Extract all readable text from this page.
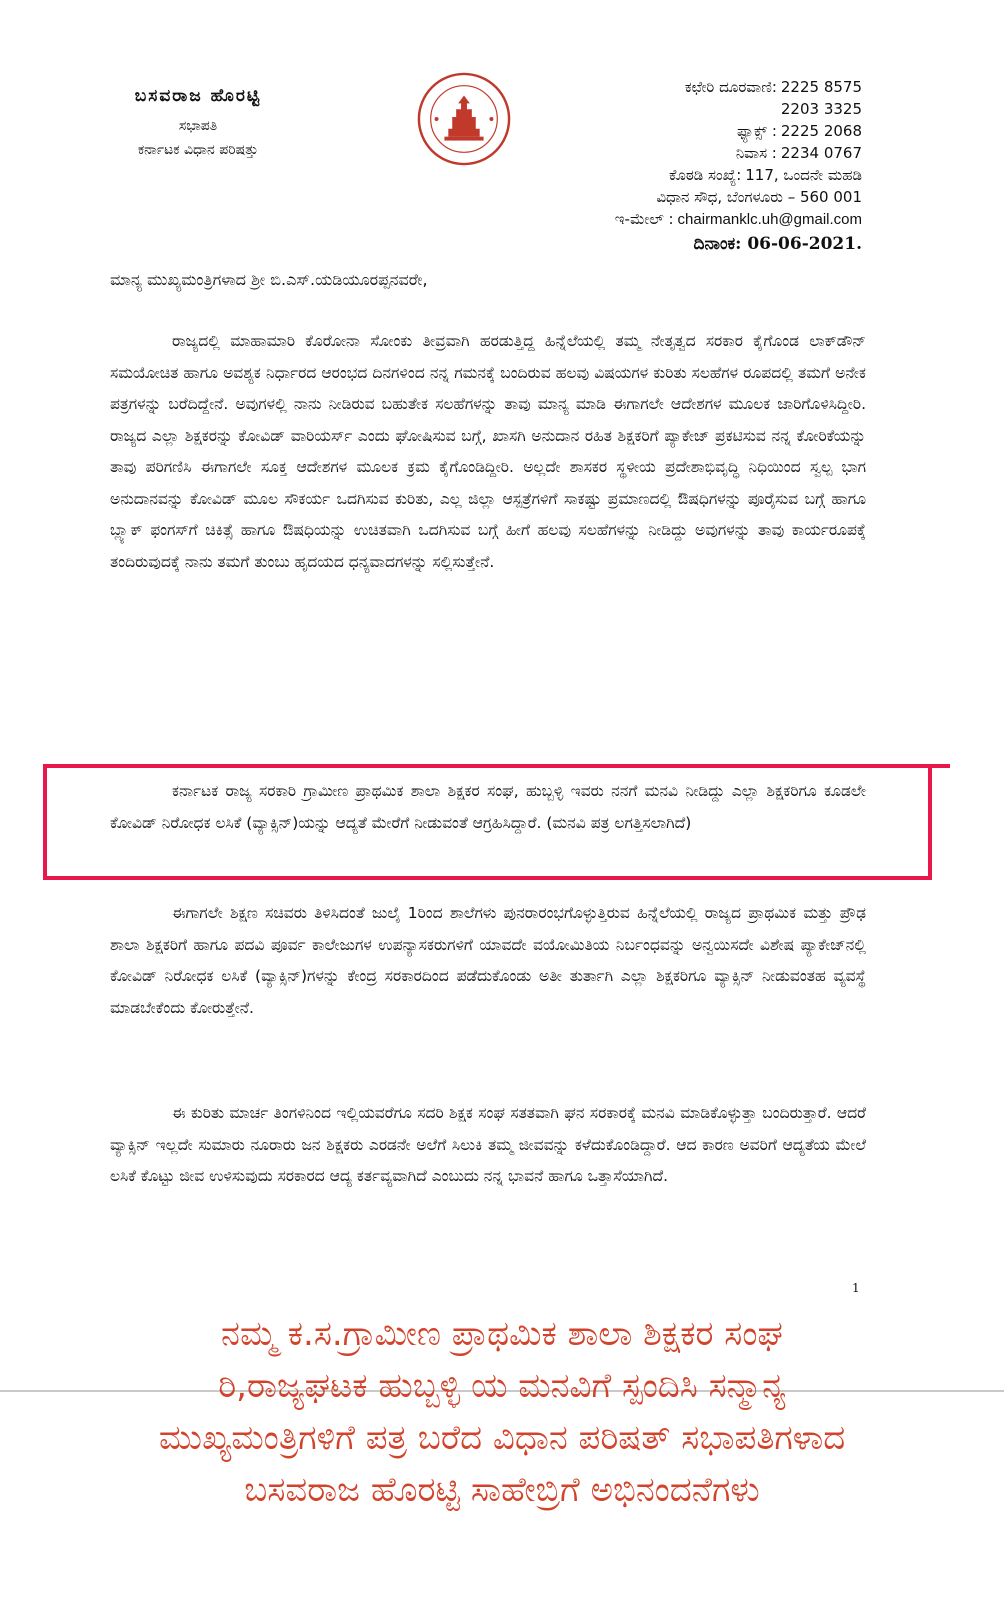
ಬಸವರಾಜ ಹೊರಟ್ಟಿ
ಸಭಾಪತಿ
ಕರ್ನಾಟಕ ವಿಧಾನ ಪರಿಷತ್ತು
ಕಛೇರಿ ದೂರವಾಣಿ: 2225 8575
2203 3325
ಫ್ಯಾಕ್ಸ್ : 2225 2068
ನಿವಾಸ : 2234 0767
ಕೊಠಡಿ ಸಂಖ್ಯೆ: 117, ಒಂದನೇ ಮಹಡಿ
ವಿಧಾನ ಸೌಧ, ಬೆಂಗಳೂರು – 560 001
ಇ-ಮೇಲ್ : chairmanklc.uh@gmail.com
ದಿನಾಂಕ: 06-06-2021.
ಮಾನ್ಯ ಮುಖ್ಯಮಂತ್ರಿಗಳಾದ ಶ್ರೀ ಬಿ.ಎಸ್.ಯಡಿಯೂರಪ್ಪನವರೇ,
ರಾಜ್ಯದಲ್ಲಿ ಮಾಹಾಮಾರಿ ಕೊರೋನಾ ಸೋಂಕು ತೀವ್ರವಾಗಿ ಹರಡುತ್ತಿದ್ದ ಹಿನ್ನೆಲೆಯಲ್ಲಿ ತಮ್ಮ ನೇತೃತ್ವದ ಸರಕಾರ ಕೈಗೊಂಡ ಲಾಕ್‌ಡೌನ್ ಸಮಯೋಚಿತ ಹಾಗೂ ಅವಶ್ಯಕ ನಿರ್ಧಾರದ ಆರಂಭದ ದಿನಗಳಿಂದ ನನ್ನ ಗಮನಕ್ಕೆ ಬಂದಿರುವ ಹಲವು ವಿಷಯಗಳ ಕುರಿತು ಸಲಹೆಗಳ ರೂಪದಲ್ಲಿ ತಮಗೆ ಅನೇಕ ಪತ್ರಗಳನ್ನು ಬರೆದಿದ್ದೇನೆ. ಅವುಗಳಲ್ಲಿ ನಾನು ನೀಡಿರುವ ಬಹುತೇಕ ಸಲಹೆಗಳನ್ನು ತಾವು ಮಾನ್ಯ ಮಾಡಿ ಈಗಾಗಲೇ ಆದೇಶಗಳ ಮೂಲಕ ಜಾರಿಗೊಳಿಸಿದ್ದೀರಿ. ರಾಜ್ಯದ ಎಲ್ಲಾ ಶಿಕ್ಷಕರನ್ನು ಕೋವಿಡ್ ವಾರಿಯರ್ಸ್ ಎಂದು ಘೋಷಿಸುವ ಬಗ್ಗೆ, ಖಾಸಗಿ ಅನುದಾನ ರಹಿತ ಶಿಕ್ಷಕರಿಗೆ ಪ್ಯಾಕೇಜ್ ಪ್ರಕಟಿಸುವ ನನ್ನ ಕೋರಿಕೆಯನ್ನು ತಾವು ಪರಿಗಣಿಸಿ ಈಗಾಗಲೇ ಸೂಕ್ತ ಆದೇಶಗಳ ಮೂಲಕ ಕ್ರಮ ಕೈಗೊಂಡಿದ್ದೀರಿ. ಅಲ್ಲದೇ ಶಾಸಕರ ಸ್ಥಳೀಯ ಪ್ರದೇಶಾಭಿವೃದ್ಧಿ ನಿಧಿಯಿಂದ ಸ್ವಲ್ಪ ಭಾಗ ಅನುದಾನವನ್ನು ಕೋವಿಡ್ ಮೂಲ ಸೌಕರ್ಯ ಒದಗಿಸುವ ಕುರಿತು, ಎಲ್ಲ ಜಿಲ್ಲಾ ಆಸ್ಪತ್ರೆಗಳಿಗೆ ಸಾಕಷ್ಟು ಪ್ರಮಾಣದಲ್ಲಿ ಔಷಧಿಗಳನ್ನು ಪೂರೈಸುವ ಬಗ್ಗೆ ಹಾಗೂ ಬ್ಲ್ಯಾಕ್ ಫಂಗಸ್‌ಗೆ ಚಿಕಿತ್ಸೆ ಹಾಗೂ ಔಷಧಿಯನ್ನು ಉಚಿತವಾಗಿ ಒದಗಿಸುವ ಬಗ್ಗೆ ಹೀಗೆ ಹಲವು ಸಲಹೆಗಳನ್ನು ನೀಡಿದ್ದು ಅವುಗಳನ್ನು ತಾವು ಕಾರ್ಯರೂಪಕ್ಕೆ ತಂದಿರುವುದಕ್ಕೆ ನಾನು ತಮಗೆ ತುಂಬು ಹೃದಯದ ಧನ್ಯವಾದಗಳನ್ನು ಸಲ್ಲಿಸುತ್ತೇನೆ.
ಕರ್ನಾಟಕ ರಾಜ್ಯ ಸರಕಾರಿ ಗ್ರಾಮೀಣ ಪ್ರಾಥಮಿಕ ಶಾಲಾ ಶಿಕ್ಷಕರ ಸಂಘ, ಹುಬ್ಬಳ್ಳಿ ಇವರು ನನಗೆ ಮನವಿ ನೀಡಿದ್ದು ಎಲ್ಲಾ ಶಿಕ್ಷಕರಿಗೂ ಕೂಡಲೇ ಕೋವಿಡ್ ನಿರೋಧಕ ಲಸಿಕೆ (ವ್ಯಾಕ್ಸಿನ್)ಯನ್ನು ಆದ್ಯತೆ ಮೇರೆಗೆ ನೀಡುವಂತೆ ಆಗ್ರಹಿಸಿದ್ದಾರೆ. (ಮನವಿ ಪತ್ರ ಲಗತ್ತಿಸಲಾಗಿದೆ)
ಈಗಾಗಲೇ ಶಿಕ್ಷಣ ಸಚಿವರು ತಿಳಿಸಿದಂತೆ ಜುಲೈ 1ರಿಂದ ಶಾಲೆಗಳು ಪುನರಾರಂಭಗೊಳ್ಳುತ್ತಿರುವ ಹಿನ್ನೆಲೆಯಲ್ಲಿ ರಾಜ್ಯದ ಪ್ರಾಥಮಿಕ ಮತ್ತು ಪ್ರೌಢ ಶಾಲಾ ಶಿಕ್ಷಕರಿಗೆ ಹಾಗೂ ಪದವಿ ಪೂರ್ವ ಕಾಲೇಜುಗಳ ಉಪನ್ಯಾಸಕರುಗಳಿಗೆ ಯಾವದೇ ವಯೋಮಿತಿಯ ನಿರ್ಬಂಧವನ್ನು ಅನ್ವಯಿಸದೇ ವಿಶೇಷ ಪ್ಯಾಕೇಜ್‌ನಲ್ಲಿ ಕೋವಿಡ್ ನಿರೋಧಕ ಲಸಿಕೆ (ವ್ಯಾಕ್ಸಿನ್)ಗಳನ್ನು ಕೇಂದ್ರ ಸರಕಾರದಿಂದ ಪಡೆದುಕೊಂಡು ಅತೀ ತುರ್ತಾಗಿ ಎಲ್ಲಾ ಶಿಕ್ಷಕರಿಗೂ ವ್ಯಾಕ್ಸಿನ್ ನೀಡುವಂತಹ ವ್ಯವಸ್ಥೆ ಮಾಡಬೇಕೆಂದು ಕೋರುತ್ತೇನೆ.
ಈ ಕುರಿತು ಮಾರ್ಚ ತಿಂಗಳಿನಿಂದ ಇಲ್ಲಿಯವರೆಗೂ ಸದರಿ ಶಿಕ್ಷಕ ಸಂಘ ಸತತವಾಗಿ ಘನ ಸರಕಾರಕ್ಕೆ ಮನವಿ ಮಾಡಿಕೊಳ್ಳುತ್ತಾ ಬಂದಿರುತ್ತಾರೆ. ಆದರೆ ವ್ಯಾಕ್ಸಿನ್ ಇಲ್ಲದೇ ಸುಮಾರು ನೂರಾರು ಜನ ಶಿಕ್ಷಕರು ಎರಡನೇ ಅಲೆಗೆ ಸಿಲುಕಿ ತಮ್ಮ ಜೀವವನ್ನು ಕಳೆದುಕೊಂಡಿದ್ದಾರೆ. ಆದ ಕಾರಣ ಅವರಿಗೆ ಆದ್ಯತೆಯ ಮೇಲೆ ಲಸಿಕೆ ಕೊಟ್ಟು ಜೀವ ಉಳಿಸುವುದು ಸರಕಾರದ ಆದ್ಯ ಕರ್ತವ್ಯವಾಗಿದೆ ಎಂಬುದು ನನ್ನ ಭಾವನೆ ಹಾಗೂ ಒತ್ತಾಸೆಯಾಗಿದೆ.
1
ನಮ್ಮ ಕ.ಸ.ಗ್ರಾಮೀಣ ಪ್ರಾಥಮಿಕ ಶಾಲಾ ಶಿಕ್ಷಕರ ಸಂಘ
ರಿ,ರಾಜ್ಯಘಟಕ ಹುಬ್ಬಳ್ಳಿ ಯ ಮನವಿಗೆ ಸ್ಪಂದಿಸಿ ಸನ್ಮಾನ್ಯ
ಮುಖ್ಯಮಂತ್ರಿಗಳಿಗೆ ಪತ್ರ ಬರೆದ ವಿಧಾನ ಪರಿಷತ್ ಸಭಾಪತಿಗಳಾದ
ಬಸವರಾಜ ಹೊರಟ್ಟಿ ಸಾಹೇಬ್ರಿಗೆ ಅಭಿನಂದನೆಗಳು
